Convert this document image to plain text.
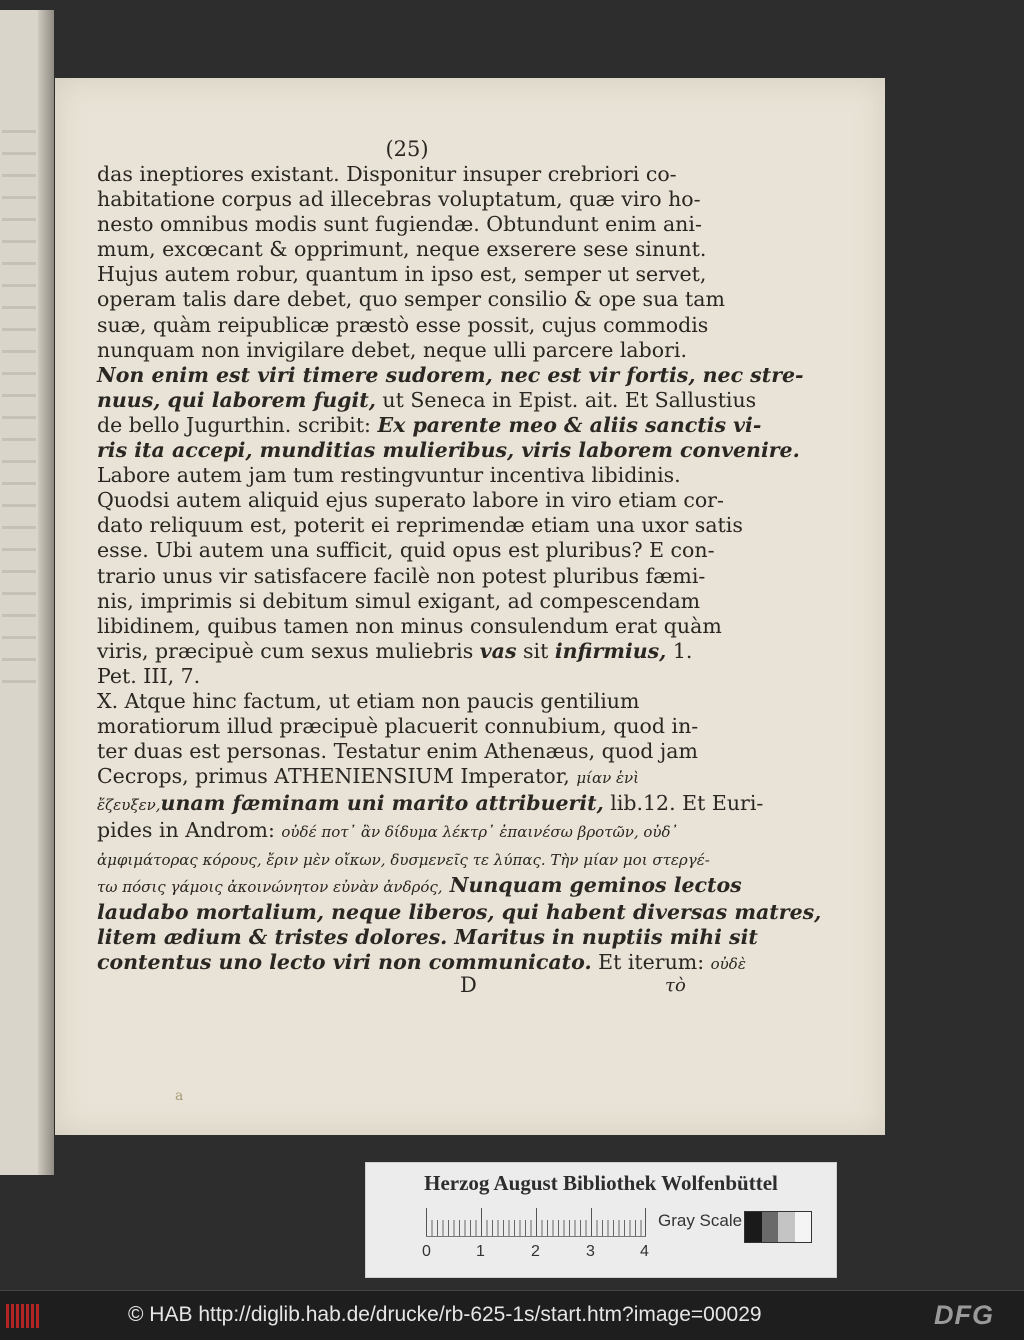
(25)
das ineptiores existant. Disponitur insuper crebriori co-
habitatione corpus ad illecebras voluptatum, quæ viro ho-
nesto omnibus modis sunt fugiendæ. Obtundunt enim ani-
mum, excœcant & opprimunt, neque exserere sese sinunt.
Hujus autem robur, quantum in ipso est, semper ut servet,
operam talis dare debet, quo semper consilio & ope sua tam
suæ, quàm reipublicæ præstò esse possit, cujus commodis
nunquam non invigilare debet, neque ulli parcere labori.
Non enim est viri timere sudorem, nec est vir fortis, nec stre-
nuus, qui laborem fugit, ut Seneca in Epist. ait. Et Sallustius
de bello Jugurthin. scribit: Ex parente meo & aliis sanctis vi-
ris ita accepi, munditias mulieribus, viris laborem convenire.
Labore autem jam tum restingvuntur incentiva libidinis.
Quodsi autem aliquid ejus superato labore in viro etiam cor-
dato reliquum est, poterit ei reprimendæ etiam una uxor satis
esse. Ubi autem una sufficit, quid opus est pluribus? E con-
trario unus vir satisfacere facilè non potest pluribus fæmi-
nis, imprimis si debitum simul exigant, ad compescendam
libidinem, quibus tamen non minus consulendum erat quàm
viris, præcipuè cum sexus muliebris vas sit infirmius, 1.
Pet. III, 7.
X. Atque hinc factum, ut etiam non paucis gentilium
moratiorum illud præcipuè placuerit connubium, quod in-
ter duas est personas. Testatur enim Athenæus, quod jam
Cecrops, primus ATHENIENSIUM Imperator, μίαν ἑνὶ
ἔζευξεν,unam fæminam uni marito attribuerit, lib.12. Et Euri-
pides in Androm: οὐδέ ποτ᾽ ἂν δίδυμα λέκτρ᾽ ἐπαινέσω βροτῶν, οὐδ᾽
ἀμφιμάτορας κόρους, ἔριν μὲν οἴκων, δυσμενεῖς τε λύπας. Τὴν μίαν μοι στεργέ-
τω πόσις γάμοις ἀκοινώνητον εὐνὰν ἀνδρός, Nunquam geminos lectos
laudabo mortalium, neque liberos, qui habent diversas matres,
litem ædium & tristes dolores. Maritus in nuptiis mihi sit
contentus uno lecto viri non communicato. Et iterum: οὐδὲ
D	τὸ
a
Herzog August Bibliothek Wolfenbüttel
0	1	2	3	4
Gray Scale
© HAB http://diglib.hab.de/drucke/rb-625-1s/start.htm?image=00029	DFG
